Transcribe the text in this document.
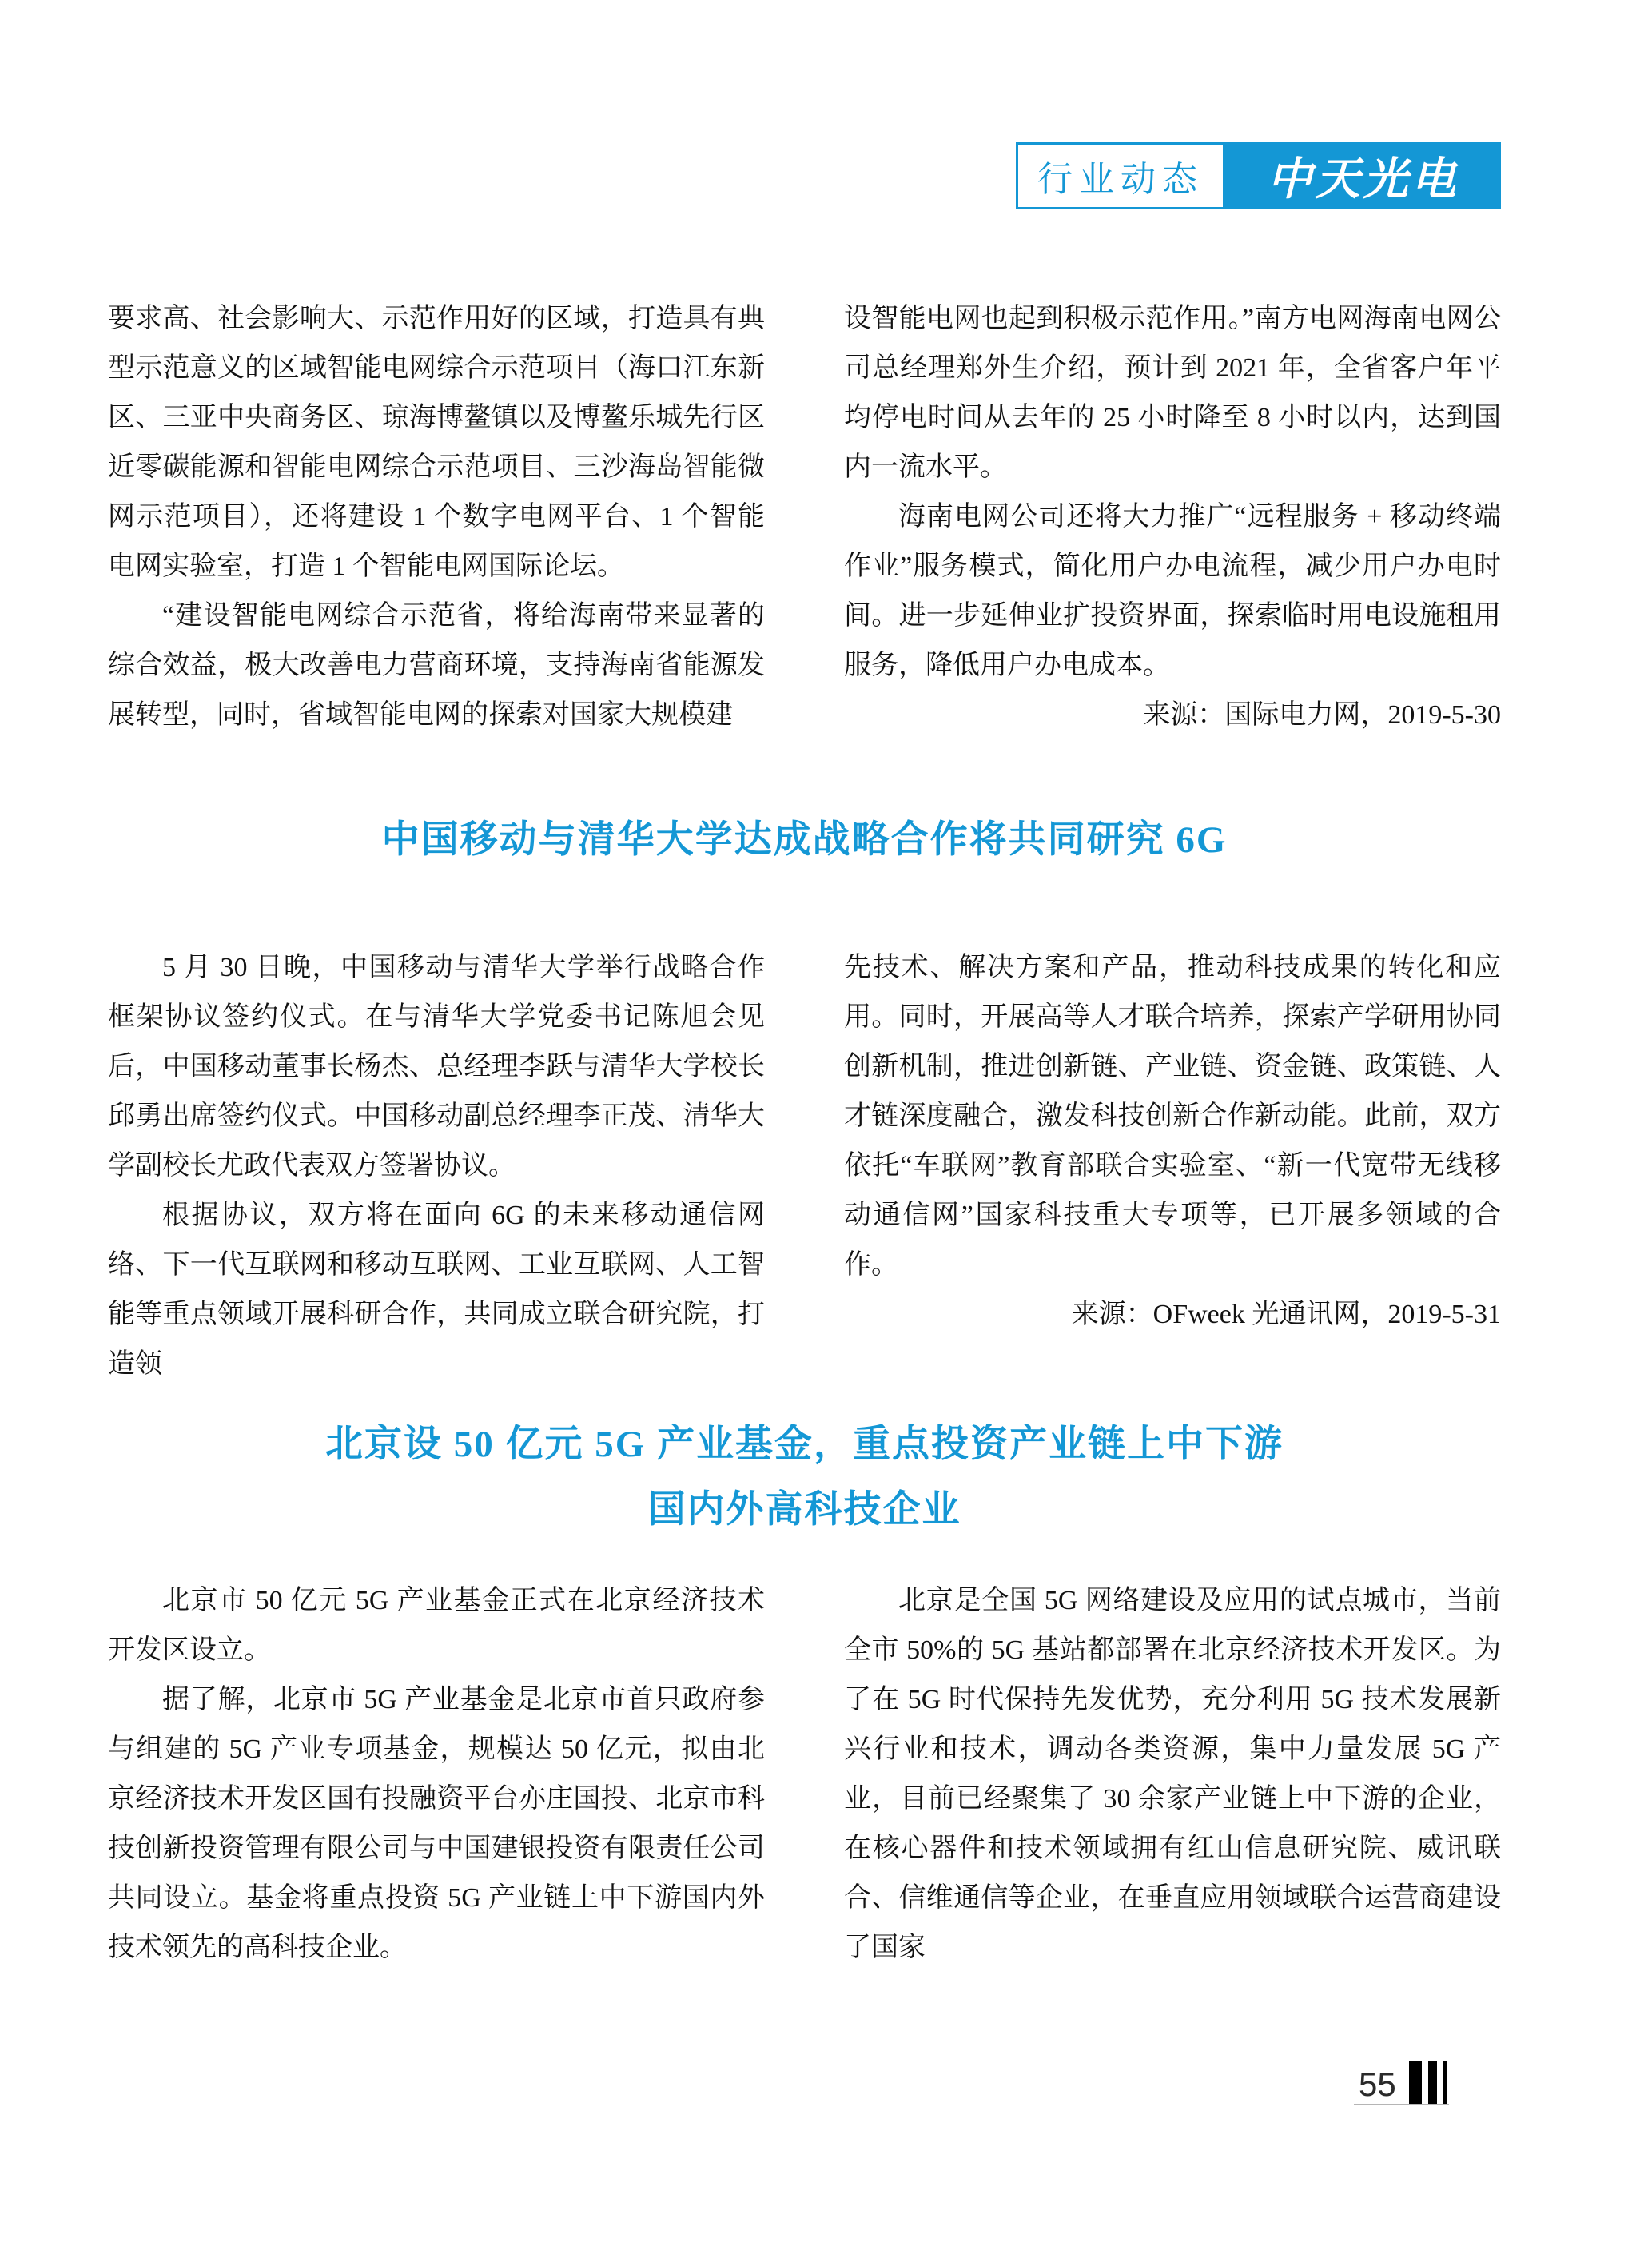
行业动态 中天光电

要求高、社会影响大、示范作用好的区域，打造具有典型示范意义的区域智能电网综合示范项目（海口江东新区、三亚中央商务区、琼海博鳌镇以及博鳌乐城先行区近零碳能源和智能电网综合示范项目、三沙海岛智能微网示范项目），还将建设 1 个数字电网平台、1 个智能电网实验室，打造 1 个智能电网国际论坛。

“建设智能电网综合示范省，将给海南带来显著的综合效益，极大改善电力营商环境，支持海南省能源发展转型，同时，省域智能电网的探索对国家大规模建

设智能电网也起到积极示范作用。”南方电网海南电网公司总经理郑外生介绍，预计到 2021 年，全省客户年平均停电时间从去年的 25 小时降至 8 小时以内，达到国内一流水平。

海南电网公司还将大力推广“远程服务 + 移动终端作业”服务模式，简化用户办电流程，减少用户办电时间。进一步延伸业扩投资界面，探索临时用电设施租用服务，降低用户办电成本。

来源：国际电力网，2019-5-30

中国移动与清华大学达成战略合作将共同研究 6G

5 月 30 日晚，中国移动与清华大学举行战略合作框架协议签约仪式。在与清华大学党委书记陈旭会见后，中国移动董事长杨杰、总经理李跃与清华大学校长邱勇出席签约仪式。中国移动副总经理李正茂、清华大学副校长尤政代表双方签署协议。

根据协议，双方将在面向 6G 的未来移动通信网络、下一代互联网和移动互联网、工业互联网、人工智能等重点领域开展科研合作，共同成立联合研究院，打造领

先技术、解决方案和产品，推动科技成果的转化和应用。同时，开展高等人才联合培养，探索产学研用协同创新机制，推进创新链、产业链、资金链、政策链、人才链深度融合，激发科技创新合作新动能。此前，双方依托“车联网”教育部联合实验室、“新一代宽带无线移动通信网”国家科技重大专项等，已开展多领域的合作。

来源：OFweek 光通讯网，2019-5-31

北京设 50 亿元 5G 产业基金，重点投资产业链上中下游
国内外高科技企业

北京市 50 亿元 5G 产业基金正式在北京经济技术开发区设立。

据了解，北京市 5G 产业基金是北京市首只政府参与组建的 5G 产业专项基金，规模达 50 亿元，拟由北京经济技术开发区国有投融资平台亦庄国投、北京市科技创新投资管理有限公司与中国建银投资有限责任公司共同设立。基金将重点投资 5G 产业链上中下游国内外技术领先的高科技企业。

北京是全国 5G 网络建设及应用的试点城市，当前全市 50%的 5G 基站都部署在北京经济技术开发区。为了在 5G 时代保持先发优势，充分利用 5G 技术发展新兴行业和技术，调动各类资源，集中力量发展 5G 产业，目前已经聚集了 30 余家产业链上中下游的企业，在核心器件和技术领域拥有红山信息研究院、威讯联合、信维通信等企业，在垂直应用领域联合运营商建设了国家

55
